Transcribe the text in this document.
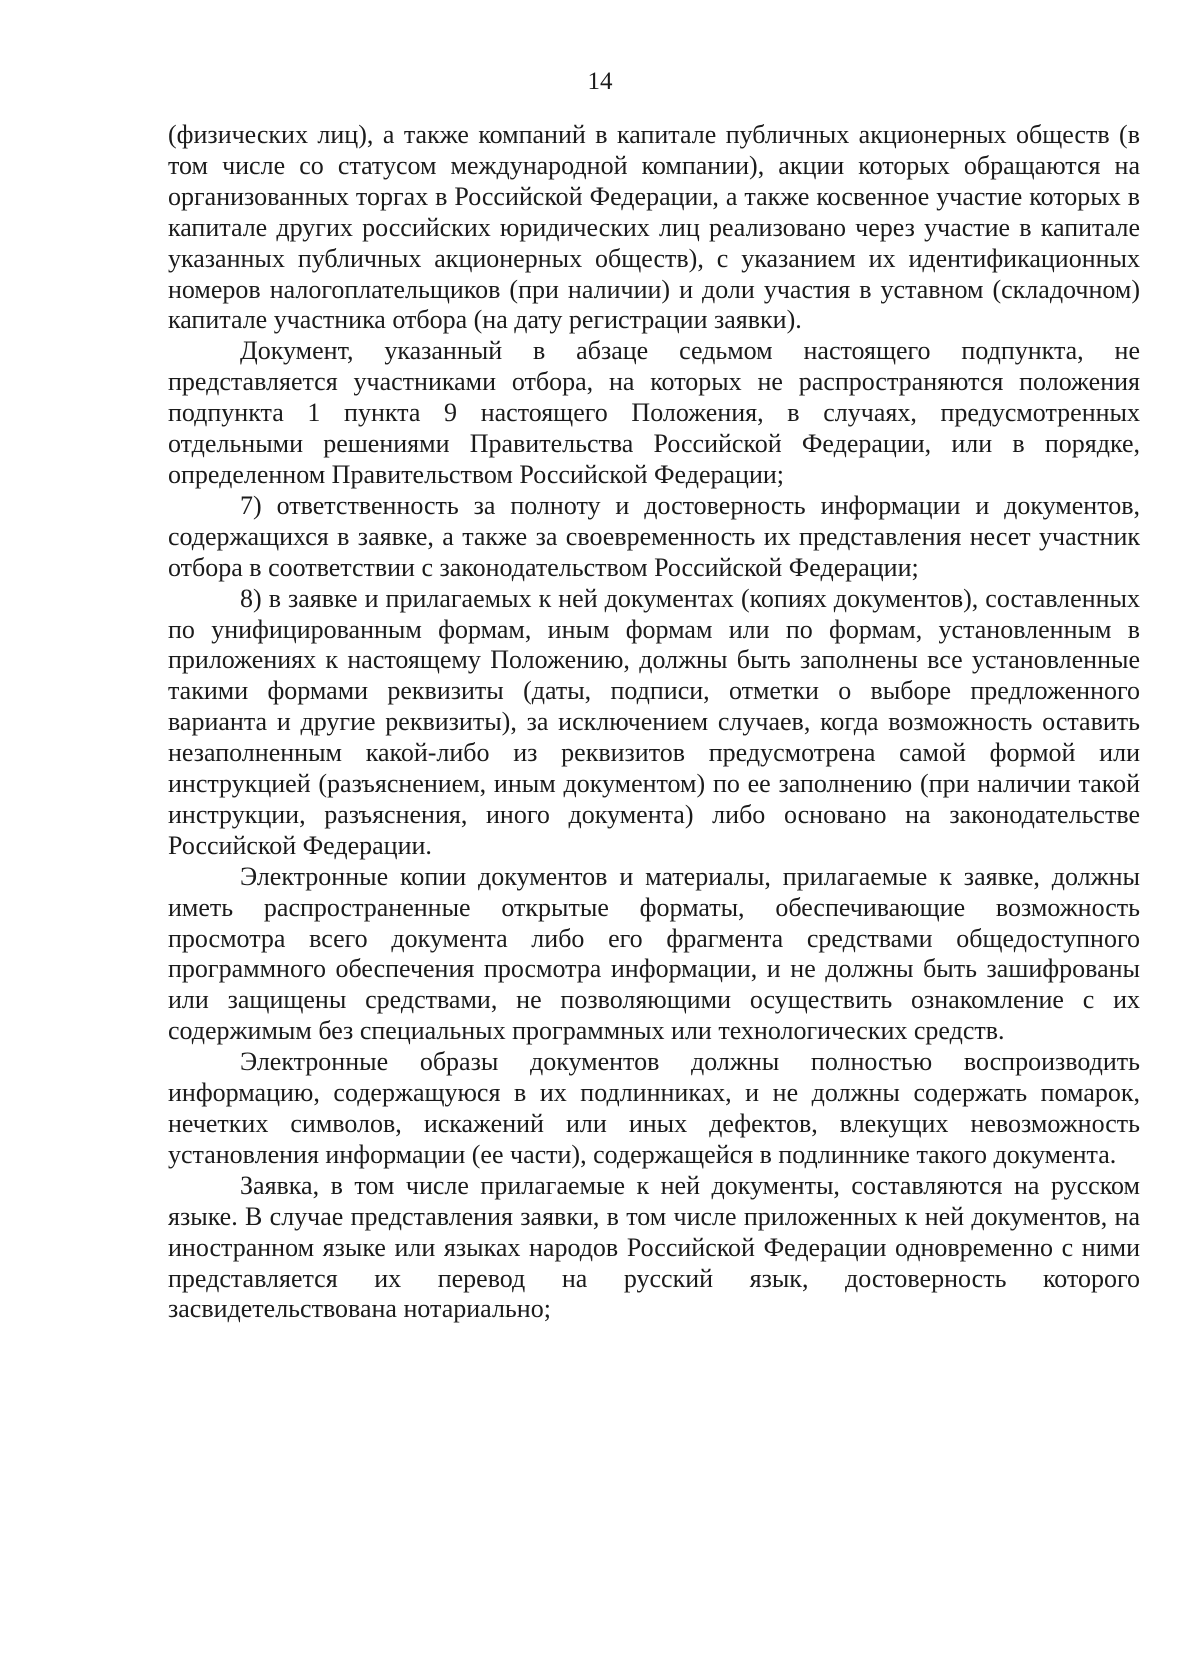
14

(физических лиц), а также компаний в капитале публичных акционерных обществ (в том числе со статусом международной компании), акции которых обращаются на организованных торгах в Российской Федерации, а также косвенное участие которых в капитале других российских юридических лиц реализовано через участие в капитале указанных публичных акционерных обществ), с указанием их идентификационных номеров налогоплательщиков (при наличии) и доли участия в уставном (складочном) капитале участника отбора (на дату регистрации заявки).

Документ, указанный в абзаце седьмом настоящего подпункта, не представляется участниками отбора, на которых не распространяются положения подпункта 1 пункта 9 настоящего Положения, в случаях, предусмотренных отдельными решениями Правительства Российской Федерации, или в порядке, определенном Правительством Российской Федерации;

7) ответственность за полноту и достоверность информации и документов, содержащихся в заявке, а также за своевременность их представления несет участник отбора в соответствии с законодательством Российской Федерации;

8) в заявке и прилагаемых к ней документах (копиях документов), составленных по унифицированным формам, иным формам или по формам, установленным в приложениях к настоящему Положению, должны быть заполнены все установленные такими формами реквизиты (даты, подписи, отметки о выборе предложенного варианта и другие реквизиты), за исключением случаев, когда возможность оставить незаполненным какой-либо из реквизитов предусмотрена самой формой или инструкцией (разъяснением, иным документом) по ее заполнению (при наличии такой инструкции, разъяснения, иного документа) либо основано на законодательстве Российской Федерации.

Электронные копии документов и материалы, прилагаемые к заявке, должны иметь распространенные открытые форматы, обеспечивающие возможность просмотра всего документа либо его фрагмента средствами общедоступного программного обеспечения просмотра информации, и не должны быть зашифрованы или защищены средствами, не позволяющими осуществить ознакомление с их содержимым без специальных программных или технологических средств.

Электронные образы документов должны полностью воспроизводить информацию, содержащуюся в их подлинниках, и не должны содержать помарок, нечетких символов, искажений или иных дефектов, влекущих невозможность установления информации (ее части), содержащейся в подлиннике такого документа.

Заявка, в том числе прилагаемые к ней документы, составляются на русском языке. В случае представления заявки, в том числе приложенных к ней документов, на иностранном языке или языках народов Российской Федерации одновременно с ними представляется их перевод на русский язык, достоверность которого засвидетельствована нотариально;
